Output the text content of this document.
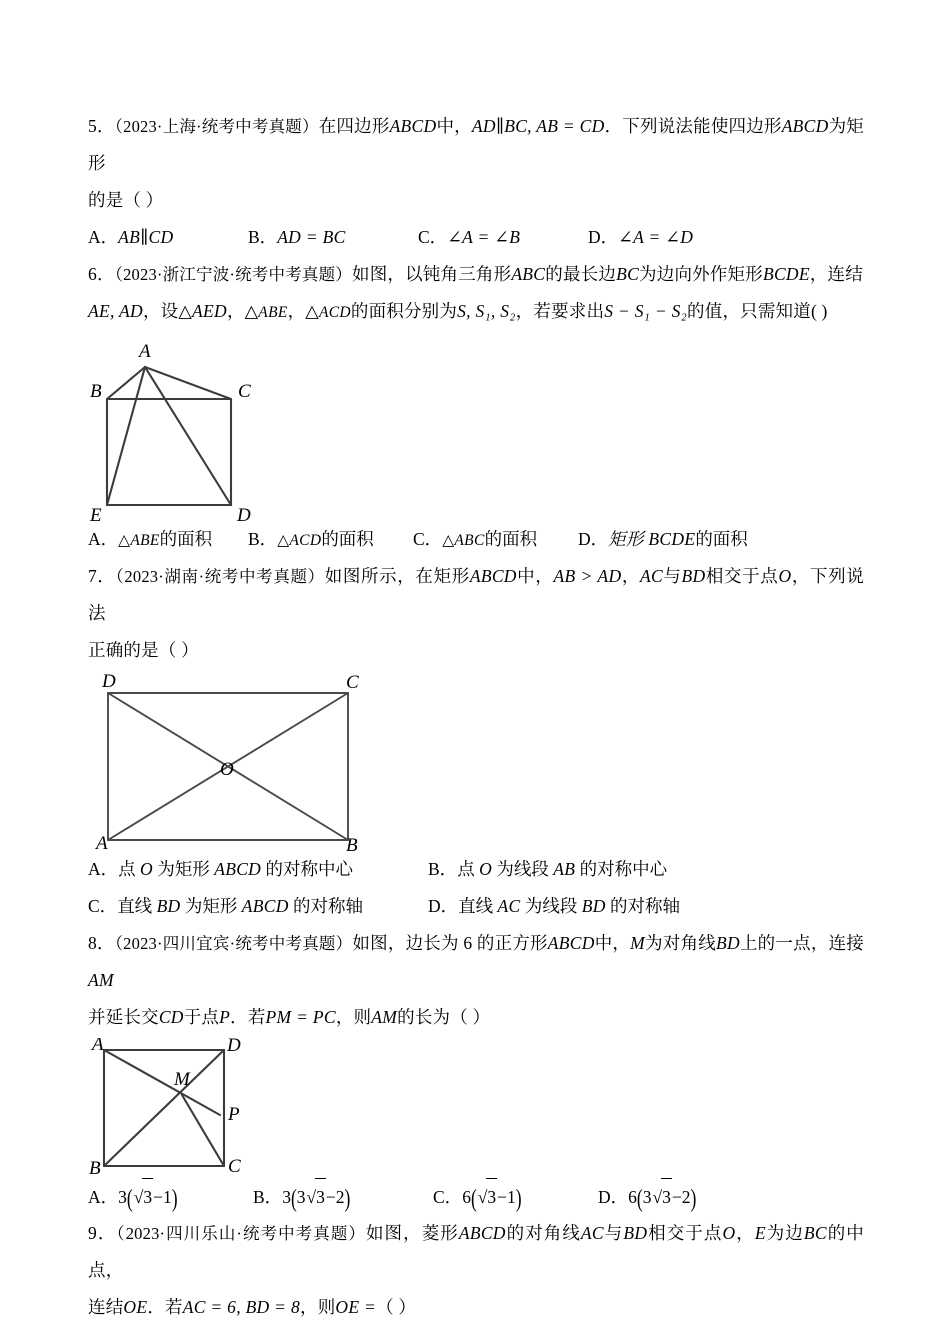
5．（2023·上海·统考中考真题）在四边形ABCD中，AD∥BC, AB = CD．下列说法能使四边形ABCD为矩形
的是（ ）
A．AB∥CD	B．AD = BC	C．∠A = ∠B	D．∠A = ∠D

6．（2023·浙江宁波·统考中考真题）如图，以钝角三角形ABC的最长边BC为边向外作矩形BCDE，连结
AE, AD，设△AED，△ABE，△ACD的面积分别为S, S₁, S₂，若要求出S − S₁ − S₂的值，只需知道( )
A
B	C
E	D
A．△ABE的面积 B．△ACD的面积 C．△ABC的面积 D．矩形 BCDE的面积

7．（2023·湖南·统考中考真题）如图所示，在矩形ABCD中，AB > AD，AC与BD相交于点O，下列说法
正确的是（ ）
D	C
A	B
O
A．点 O 为矩形 ABCD 的对称中心	B．点 O 为线段 AB 的对称中心

C．直线 BD 为矩形 ABCD 的对称轴	D．直线 AC 为线段 BD 的对称轴

8．（2023·四川宜宾·统考中考真题）如图，边长为 6 的正方形ABCD中，M为对角线BD上的一点，连接AM
并延长交CD于点P．若PM = PC，则AM的长为（ ）
A	D
B	C
M
P
A．3(√3−1)	B．3(3√3−2)	C．6(√3−1)	D．6(3√3−2)

9．（2023·四川乐山·统考中考真题）如图，菱形ABCD的对角线AC与BD相交于点O，E为边BC的中点，
连结OE．若AC = 6, BD = 8，则OE =（ ）
